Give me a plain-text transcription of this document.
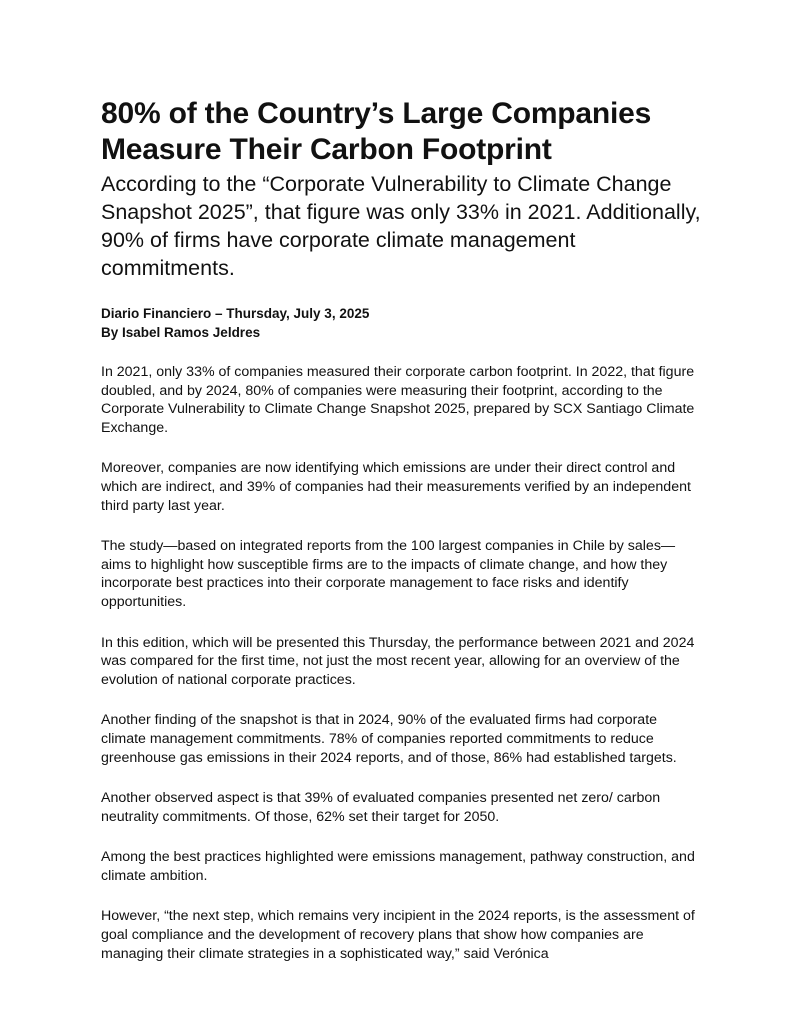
80% of the Country’s Large Companies
Measure Their Carbon Footprint

According to the “Corporate Vulnerability to Climate Change Snapshot 2025”, that figure was only 33% in 2021. Additionally, 90% of firms have corporate climate management commitments.

Diario Financiero – Thursday, July 3, 2025
By Isabel Ramos Jeldres

In 2021, only 33% of companies measured their corporate carbon footprint. In 2022, that figure doubled, and by 2024, 80% of companies were measuring their footprint, according to the Corporate Vulnerability to Climate Change Snapshot 2025, prepared by SCX Santiago Climate Exchange.

Moreover, companies are now identifying which emissions are under their direct control and which are indirect, and 39% of companies had their measurements verified by an independent third party last year.

The study—based on integrated reports from the 100 largest companies in Chile by sales—aims to highlight how susceptible firms are to the impacts of climate change, and how they incorporate best practices into their corporate management to face risks and identify opportunities.

In this edition, which will be presented this Thursday, the performance between 2021 and 2024 was compared for the first time, not just the most recent year, allowing for an overview of the evolution of national corporate practices.

Another finding of the snapshot is that in 2024, 90% of the evaluated firms had corporate climate management commitments. 78% of companies reported commitments to reduce greenhouse gas emissions in their 2024 reports, and of those, 86% had established targets.

Another observed aspect is that 39% of evaluated companies presented net zero/ carbon neutrality commitments. Of those, 62% set their target for 2050.

Among the best practices highlighted were emissions management, pathway construction, and climate ambition.

However, “the next step, which remains very incipient in the 2024 reports, is the assessment of goal compliance and the development of recovery plans that show how companies are managing their climate strategies in a sophisticated way,” said Verónica
